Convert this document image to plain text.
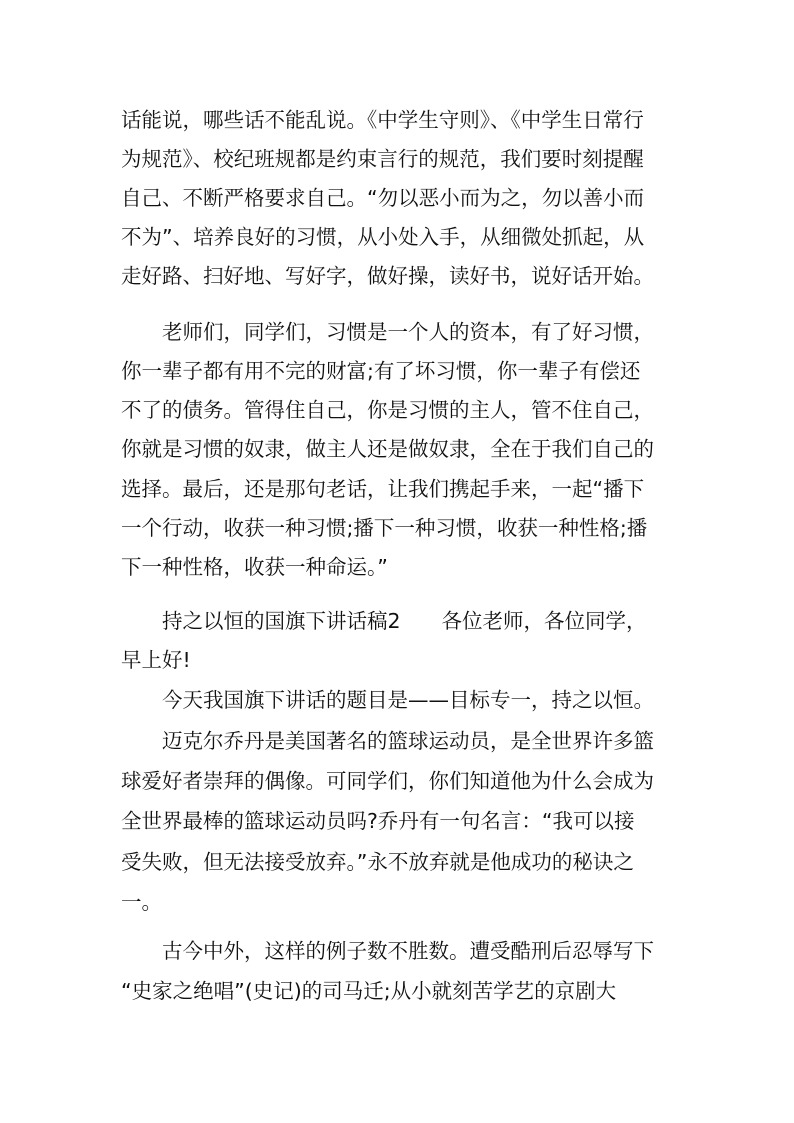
话能说，哪些话不能乱说。《中学生守则》、《中学生日常行
为规范》、校纪班规都是约束言行的规范，我们要时刻提醒
自己、不断严格要求自己。“勿以恶小而为之，勿以善小而
不为”、培养良好的习惯，从小处入手，从细微处抓起，从
走好路、扫好地、写好字，做好操，读好书，说好话开始。
老师们，同学们，习惯是一个人的资本，有了好习惯，
你一辈子都有用不完的财富;有了坏习惯，你一辈子有偿还
不了的债务。管得住自己，你是习惯的主人，管不住自己，
你就是习惯的奴隶，做主人还是做奴隶，全在于我们自己的
选择。最后，还是那句老话，让我们携起手来，一起“播下
一个行动，收获一种习惯;播下一种习惯，收获一种性格;播
下一种性格，收获一种命运。”
持之以恒的国旗下讲话稿2　　各位老师，各位同学，
早上好!
今天我国旗下讲话的题目是——目标专一，持之以恒。
迈克尔乔丹是美国著名的篮球运动员，是全世界许多篮
球爱好者崇拜的偶像。可同学们，你们知道他为什么会成为
全世界最棒的篮球运动员吗?乔丹有一句名言：“我可以接
受失败，但无法接受放弃。”永不放弃就是他成功的秘诀之
一。
古今中外，这样的例子数不胜数。遭受酷刑后忍辱写下
“史家之绝唱”(史记)的司马迁;从小就刻苦学艺的京剧大
